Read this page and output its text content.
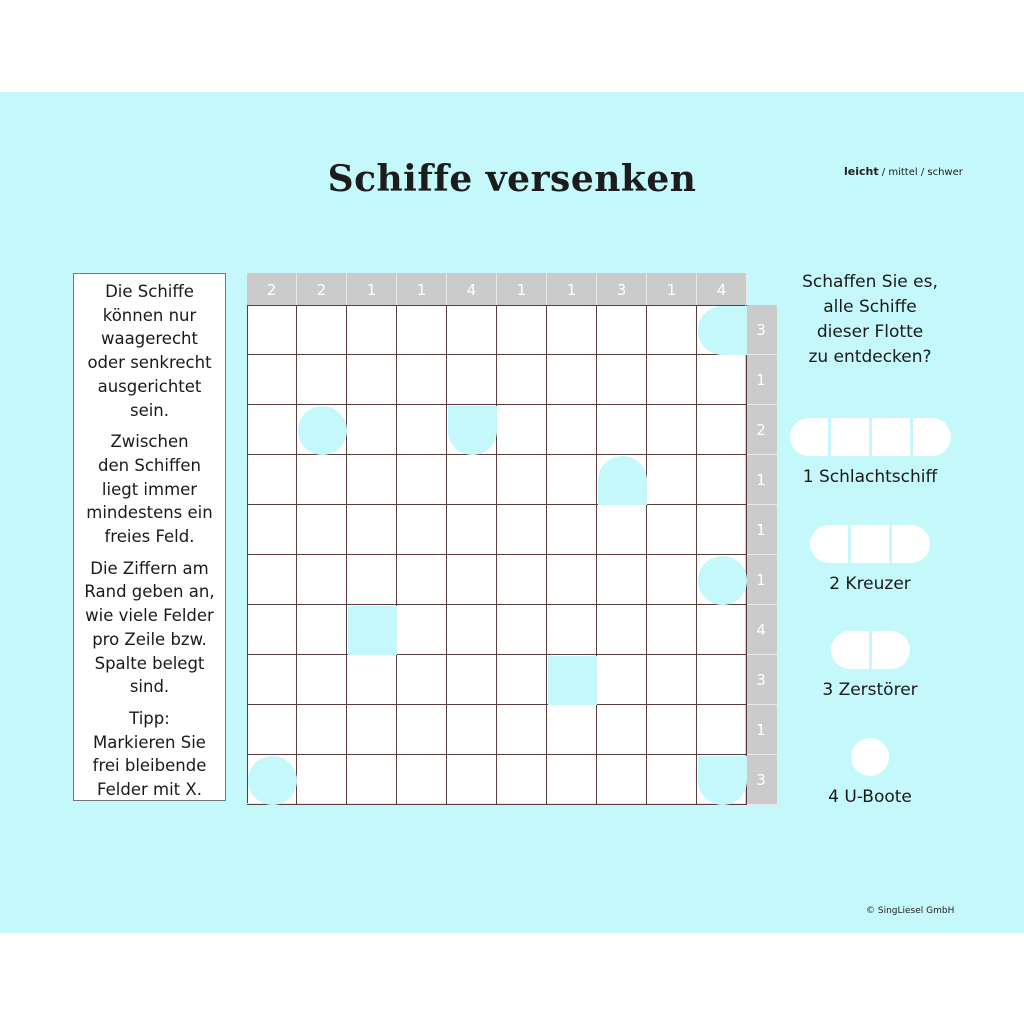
Schiffe versenken	leicht / mittel / schwer

Die Schiffe
können nur
waagerecht
oder senkrecht
ausgerichtet
sein.

Zwischen
den Schiffen
liegt immer
mindestens ein
freies Feld.

Die Ziffern am
Rand geben an,
wie viele Felder
pro Zeile bzw.
Spalte belegt
sind.

Tipp:
Markieren Sie
frei bleibende
Felder mit X.

2	2	1	1	4	1	1	3	1	4
3
1
2
1
1
1
4
3
1
3
Schaffen Sie es,
alle Schiffe
dieser Flotte
zu entdecken?
1 Schlachtschiff
2 Kreuzer
3 Zerstörer
4 U-Boote
© SingLiesel GmbH
